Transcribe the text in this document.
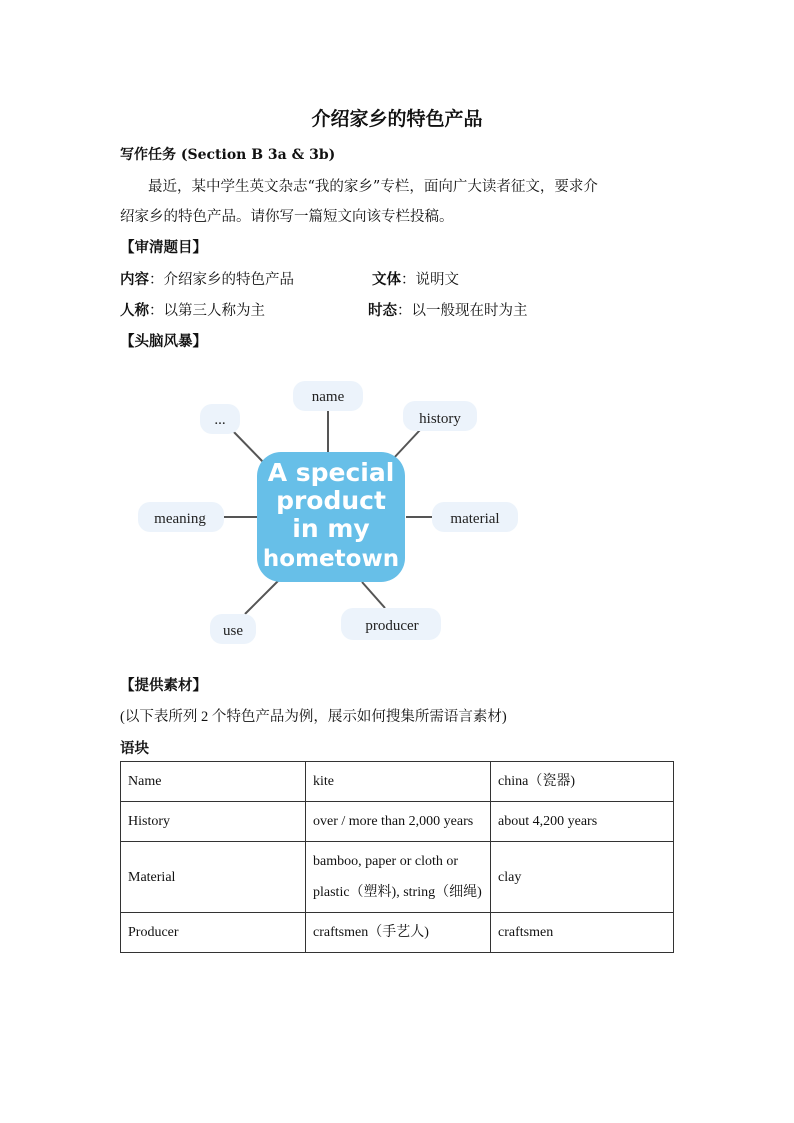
介绍家乡的特色产品
写作任务 (Section B 3a & 3b)
最近，某中学生英文杂志“我的家乡”专栏，面向广大读者征文，要求介
绍家乡的特色产品。请你写一篇短文向该专栏投稿。
【审清题目】
内容：介绍家乡的特色产品	文体：说明文
人称：以第三人称为主	时态：以一般现在时为主
【头脑风暴】
name
history
...
meaning	material
use	producer
A special
product
in my
hometown
【提供素材】
(以下表所列 2 个特色产品为例，展示如何搜集所需语言素材)
语块
Name	kite	china（瓷器)
History	over / more than 2,000 years	about 4,200 years
Material	bamboo, paper or cloth or plastic（塑料), string（细绳)	clay
Producer	craftsmen（手艺人)	craftsmen
